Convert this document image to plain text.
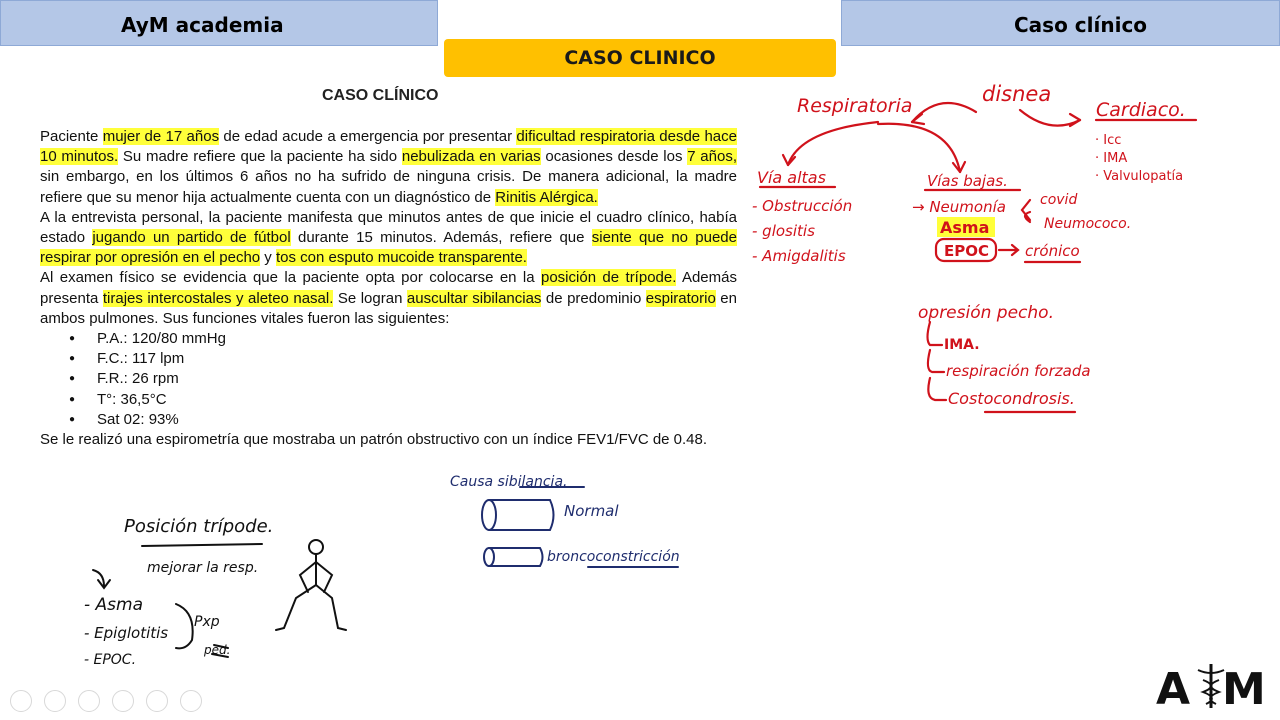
AyM academia	Caso clínico
CASO CLINICO
CASO CLÍNICO

Paciente mujer de 17 años de edad acude a emergencia por presentar dificultad respiratoria desde hace 10 minutos. Su madre refiere que la paciente ha sido nebulizada en varias ocasiones desde los 7 años, sin embargo, en los últimos 6 años no ha sufrido de ninguna crisis. De manera adicional, la madre refiere que su menor hija actualmente cuenta con un diagnóstico de Rinitis Alérgica.

A la entrevista personal, la paciente manifesta que minutos antes de que inicie el cuadro clínico, había estado jugando un partido de fútbol durante 15 minutos. Además, refiere que siente que no puede respirar por opresión en el pecho y tos con esputo mucoide transparente.

Al examen físico se evidencia que la paciente opta por colocarse en la posición de trípode. Además presenta tirajes intercostales y aleteo nasal. Se logran auscultar sibilancias de predominio espiratorio en ambos pulmones. Sus funciones vitales fueron las siguientes:

● P.A.: 120/80 mmHg
● F.C.: 117 lpm
● F.R.: 26 rpm
● T°: 36,5°C
● Sat 02: 93%

Se le realizó una espirometría que mostraba un patrón obstructivo con un índice FEV1/FVC de 0.48.

Respiratoria	disnea
Cardiaco.
· Icc
· IMA
· Valvulopatía
Vía altas
- Obstrucción
- glositis
- Amigdalitis
Vías bajas.
→ Neumonía covid
Neumococo.
Asma
EPOC crónico
opresión pecho.
IMA.
respiración forzada
Costocondrosis.
Posición trípode.
mejorar la resp.
- Asma
- Epiglotitis
- EPOC.
Pxp
ped.
Causa sibilancia.
Normal
broncoconstricción
A M
